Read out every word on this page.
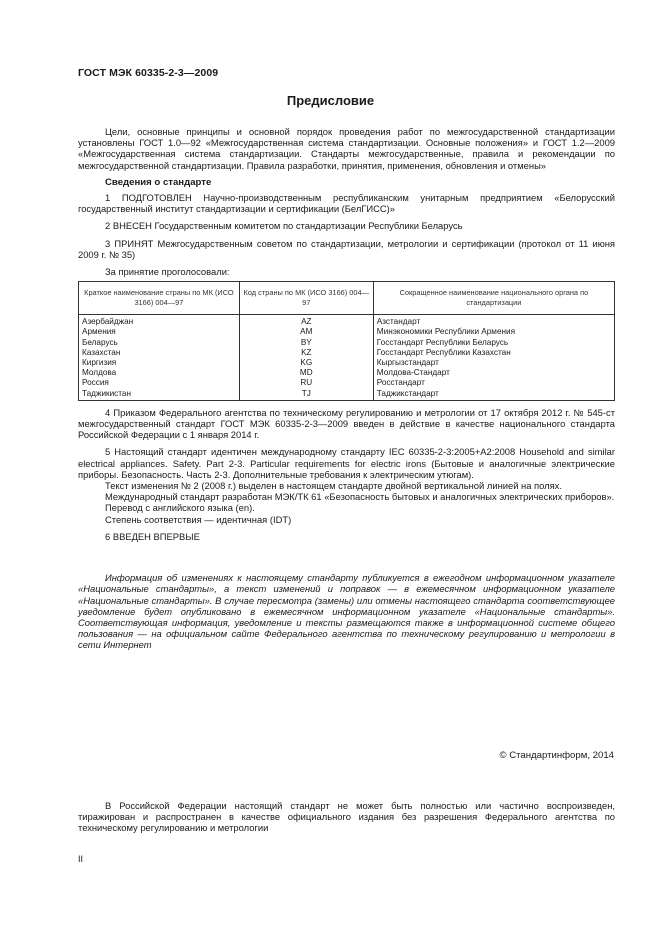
ГОСТ МЭК 60335-2-3—2009
Предисловие

Цели, основные принципы и основной порядок проведения работ по межгосударственной стандартизации установлены ГОСТ 1.0—92 «Межгосударственная система стандартизации. Основные положения» и ГОСТ 1.2—2009 «Межгосударственная система стандартизации. Стандарты межгосударственные, правила и рекомендации по межгосударственной стандартизации. Правила разработки, принятия, применения, обновления и отмены»

Сведения о стандарте

1 ПОДГОТОВЛЕН Научно-производственным республиканским унитарным предприятием «Белорусский государственный институт стандартизации и сертификации (БелГИСС)»

2 ВНЕСЕН Государственным комитетом по стандартизации Республики Беларусь

3 ПРИНЯТ Межгосударственным советом по стандартизации, метрологии и сертификации (протокол от 11 июня 2009 г. № 35)

За принятие проголосовали:

Краткое наименование страны по МК (ИСО 3166) 004—97	Код страны по МК (ИСО 3166) 004—97	Сокращенное наименование национального органа по стандартизации
Азербайджан	AZ	Азстандарт
Армения	AM	Минэкономики Республики Армения
Беларусь	BY	Госстандарт Республики Беларусь
Казахстан	KZ	Госстандарт Республики Казахстан
Киргизия	KG	Кыргызстандарт
Молдова	MD	Молдова-Стандарт
Россия	RU	Росстандарт
Таджикистан	TJ	Таджикстандарт

4 Приказом Федерального агентства по техническому регулированию и метрологии от 17 октября 2012 г. № 545-ст межгосударственный стандарт ГОСТ МЭК 60335-2-3—2009 введен в действие в качестве национального стандарта Российской Федерации с 1 января 2014 г.

5 Настоящий стандарт идентичен международному стандарту IEC 60335-2-3:2005+A2:2008 Household and similar electrical appliances. Safety. Part 2-3. Particular requirements for electric irons (Бытовые и аналогичные электрические приборы. Безопасность. Часть 2-3. Дополнительные требования к электрическим утюгам).

Текст изменения № 2 (2008 г.) выделен в настоящем стандарте двойной вертикальной линией на полях.

Международный стандарт разработан МЭК/ТК 61 «Безопасность бытовых и аналогичных электрических приборов».

Перевод с английского языка (en).

Степень соответствия — идентичная (IDT)

6 ВВЕДЕН ВПЕРВЫЕ

Информация об изменениях к настоящему стандарту публикуется в ежегодном информационном указателе «Национальные стандарты», а текст изменений и поправок — в ежемесячном информационном указателе «Национальные стандарты». В случае пересмотра (замены) или отмены настоящего стандарта соответствующее уведомление будет опубликовано в ежемесячном информационном указателе «Национальные стандарты». Соответствующая информация, уведомление и тексты размещаются также в информационной системе общего пользования — на официальном сайте Федерального агентства по техническому регулированию и метрологии в сети Интернет

© Стандартинформ, 2014
В Российской Федерации настоящий стандарт не может быть полностью или частично воспроизведен, тиражирован и распространен в качестве официального издания без разрешения Федерального агентства по техническому регулированию и метрологии
II
